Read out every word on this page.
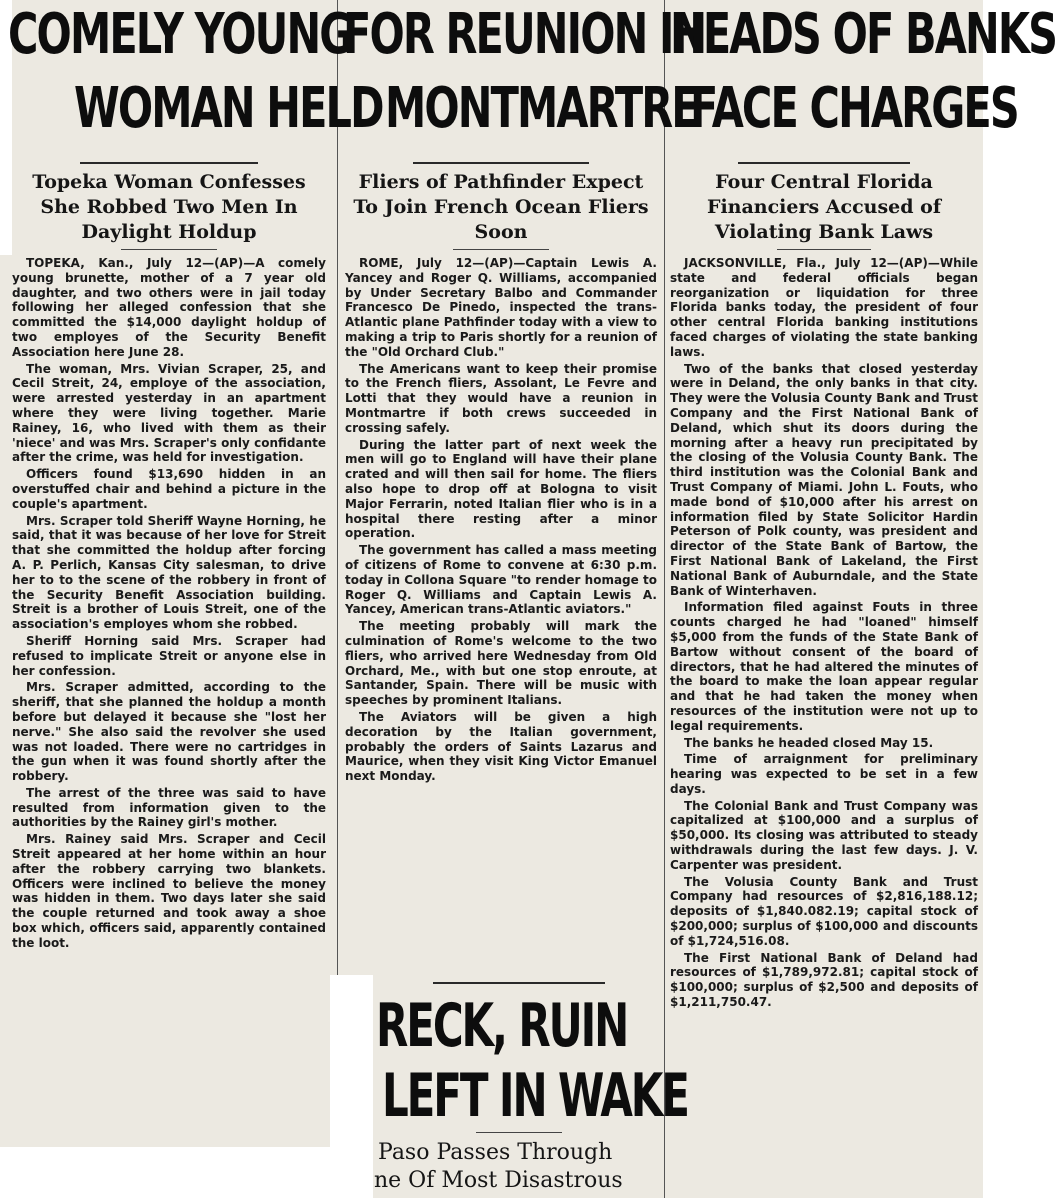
COMELY YOUNG
WOMAN HELD
Topeka Woman Confesses She Robbed Two Men In Daylight Holdup

TOPEKA, Kan., July 12—(AP)—A comely young brunette, mother of a 7 year old daughter, and two others were in jail today following her alleged confession that she committed the $14,000 daylight holdup of two employes of the Security Benefit Association here June 28.

The woman, Mrs. Vivian Scraper, 25, and Cecil Streit, 24, employe of the association, were arrested yesterday in an apartment where they were living together. Marie Rainey, 16, who lived with them as their 'niece' and was Mrs. Scraper's only confidante after the crime, was held for investigation.

Officers found $13,690 hidden in an overstuffed chair and behind a picture in the couple's apartment.

Mrs. Scraper told Sheriff Wayne Horning, he said, that it was because of her love for Streit that she committed the holdup after forcing A. P. Perlich, Kansas City salesman, to drive her to to the scene of the robbery in front of the Security Benefit Association building. Streit is a brother of Louis Streit, one of the association's employes whom she robbed.

Sheriff Horning said Mrs. Scraper had refused to implicate Streit or anyone else in her confession.

Mrs. Scraper admitted, according to the sheriff, that she planned the holdup a month before but delayed it because she "lost her nerve." She also said the revolver she used was not loaded. There were no cartridges in the gun when it was found shortly after the robbery.

The arrest of the three was said to have resulted from information given to the authorities by the Rainey girl's mother.

Mrs. Rainey said Mrs. Scraper and Cecil Streit appeared at her home within an hour after the robbery carrying two blankets. Officers were inclined to believe the money was hidden in them. Two days later she said the couple returned and took away a shoe box which, officers said, apparently contained the loot.

FOR REUNION IN
MONTMARTRE
Fliers of Pathfinder Expect To Join French Ocean Fliers Soon

ROME, July 12—(AP)—Captain Lewis A. Yancey and Roger Q. Williams, accompanied by Under Secretary Balbo and Commander Francesco De Pinedo, inspected the trans-Atlantic plane Pathfinder today with a view to making a trip to Paris shortly for a reunion of the "Old Orchard Club."

The Americans want to keep their promise to the French fliers, Assolant, Le Fevre and Lotti that they would have a reunion in Montmartre if both crews succeeded in crossing safely.

During the latter part of next week the men will go to England will have their plane crated and will then sail for home. The fliers also hope to drop off at Bologna to visit Major Ferrarin, noted Italian flier who is in a hospital there resting after a minor operation.

The government has called a mass meeting of citizens of Rome to convene at 6:30 p.m. today in Collona Square "to render homage to Roger Q. Williams and Captain Lewis A. Yancey, American trans-Atlantic aviators."

The meeting probably will mark the culmination of Rome's welcome to the two fliers, who arrived here Wednesday from Old Orchard, Me., with but one stop enroute, at Santander, Spain. There will be music with speeches by prominent Italians.

The Aviators will be given a high decoration by the Italian government, probably the orders of Saints Lazarus and Maurice, when they visit King Victor Emanuel next Monday.

RECK, RUIN
LEFT IN WAKE
Paso Passes Through
ne Of Most Disastrous
HEADS OF BANKS
FACE CHARGES
Four Central Florida Financiers Accused of Violating Bank Laws

JACKSONVILLE, Fla., July 12—(AP)—While state and federal officials began reorganization or liquidation for three Florida banks today, the president of four other central Florida banking institutions faced charges of violating the state banking laws.

Two of the banks that closed yesterday were in Deland, the only banks in that city. They were the Volusia County Bank and Trust Company and the First National Bank of Deland, which shut its doors during the morning after a heavy run precipitated by the closing of the Volusia County Bank. The third institution was the Colonial Bank and Trust Company of Miami. John L. Fouts, who made bond of $10,000 after his arrest on information filed by State Solicitor Hardin Peterson of Polk county, was president and director of the State Bank of Bartow, the First National Bank of Lakeland, the First National Bank of Auburndale, and the State Bank of Winterhaven.

Information filed against Fouts in three counts charged he had "loaned" himself $5,000 from the funds of the State Bank of Bartow without consent of the board of directors, that he had altered the minutes of the board to make the loan appear regular and that he had taken the money when resources of the institution were not up to legal requirements.

The banks he headed closed May 15.

Time of arraignment for preliminary hearing was expected to be set in a few days.

The Colonial Bank and Trust Company was capitalized at $100,000 and a surplus of $50,000. Its closing was attributed to steady withdrawals during the last few days. J. V. Carpenter was president.

The Volusia County Bank and Trust Company had resources of $2,816,188.12; deposits of $1,840.082.19; capital stock of $200,000; surplus of $100,000 and discounts of $1,724,516.08.

The First National Bank of Deland had resources of $1,789,972.81; capital stock of $100,000; surplus of $2,500 and deposits of $1,211,750.47.
